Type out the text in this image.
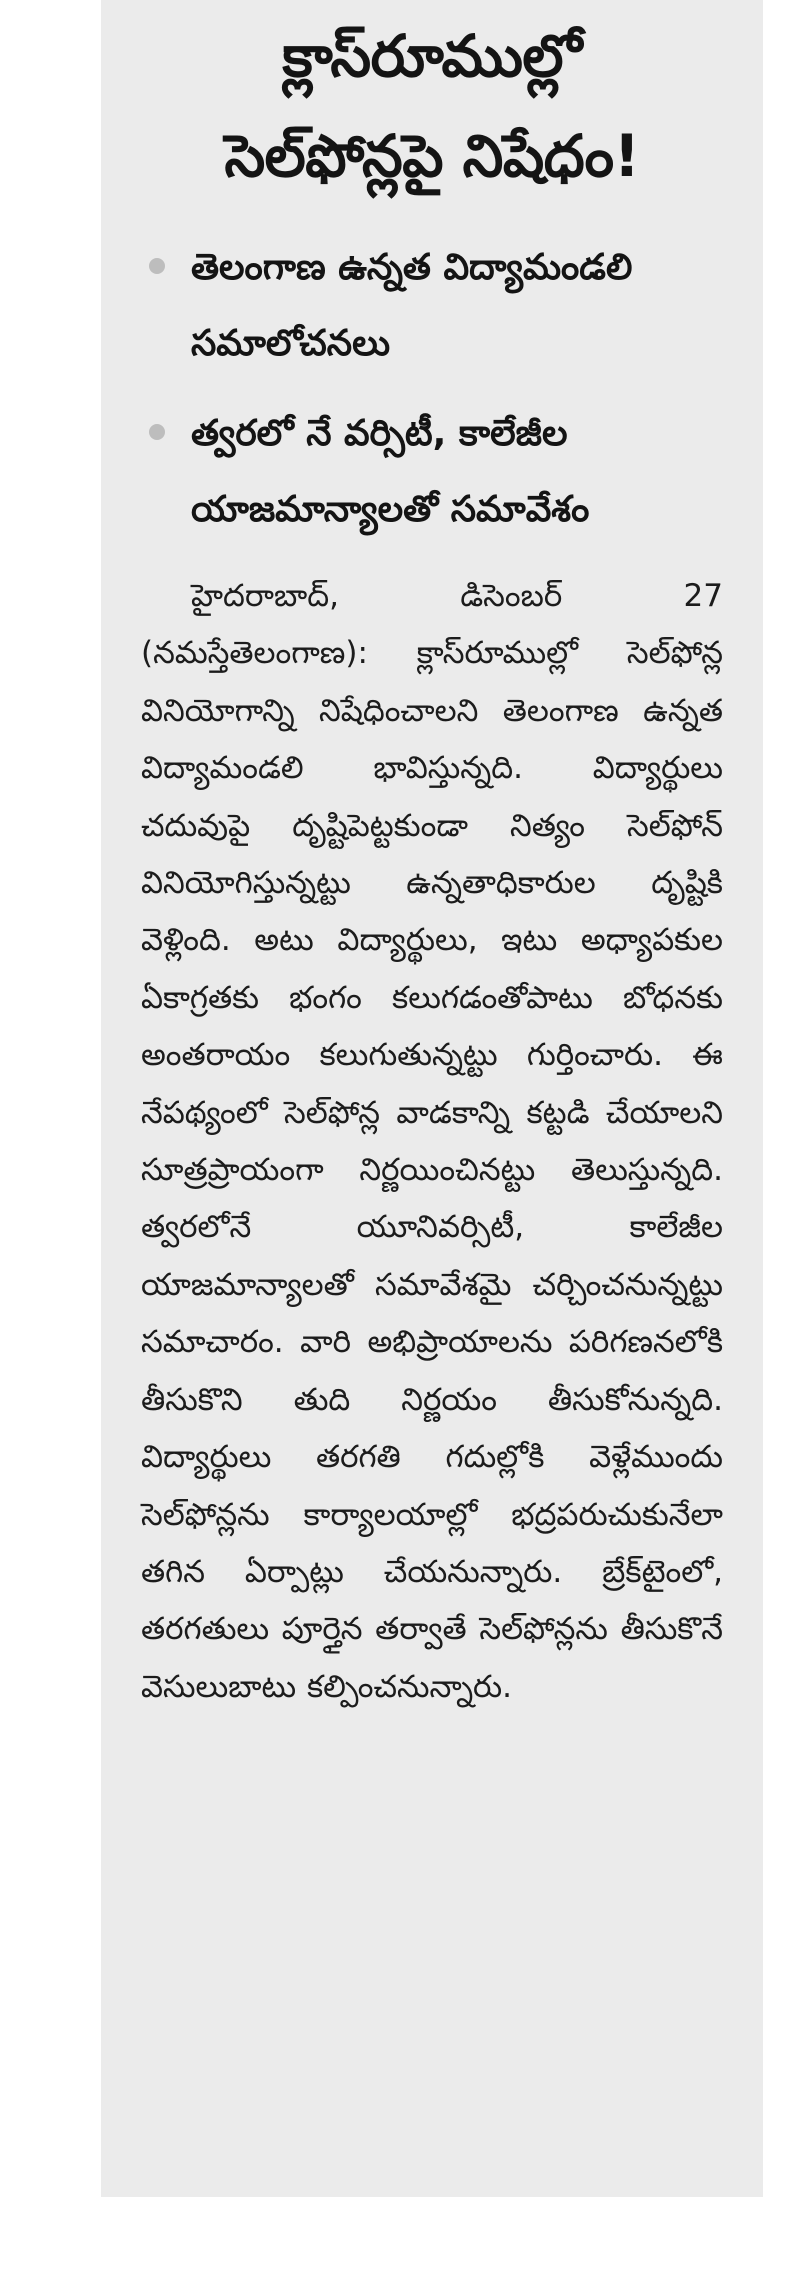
క్లాస్‌రూముల్లో
సెల్‌ఫోన్లపై నిషేధం!
తెలంగాణ ఉన్నత విద్యామండలి సమాలోచనలు
త్వరలో నే వర్సిటీ, కాలేజీల యాజమాన్యాలతో సమావేశం

హైదరాబాద్, డిసెంబర్ 27 (నమస్తేతెలంగాణ): క్లాస్‌రూముల్లో సెల్‌ఫోన్ల వినియోగాన్ని నిషేధించాలని తెలంగాణ ఉన్నత విద్యామండలి భావిస్తున్నది. విద్యార్థులు చదువుపై దృష్టిపెట్టకుండా నిత్యం సెల్‌ఫోన్ వినియోగిస్తున్నట్టు ఉన్నతాధికారుల దృష్టికి వెళ్లింది. అటు విద్యార్థులు, ఇటు అధ్యాపకుల ఏకాగ్రతకు భంగం కలుగడంతోపాటు బోధనకు అంతరాయం కలుగుతున్నట్టు గుర్తించారు. ఈ నేపథ్యంలో సెల్‌ఫోన్ల వాడకాన్ని కట్టడి చేయాలని సూత్రప్రాయంగా నిర్ణయించినట్టు తెలుస్తున్నది. త్వరలోనే యూనివర్సిటీ, కాలేజీల యాజమాన్యాలతో సమావేశమై చర్చించనున్నట్టు సమాచారం. వారి అభిప్రాయాలను పరిగణనలోకి తీసుకొని తుది నిర్ణయం తీసుకోనున్నది. విద్యార్థులు తరగతి గదుల్లోకి వెళ్లేముందు సెల్‌ఫోన్లను కార్యాలయాల్లో భద్రపరుచుకునేలా తగిన ఏర్పాట్లు చేయనున్నారు. బ్రేక్‌టైంలో, తరగతులు పూర్తైన తర్వాతే సెల్‌ఫోన్లను తీసుకొనే వెసులుబాటు కల్పించనున్నారు.
